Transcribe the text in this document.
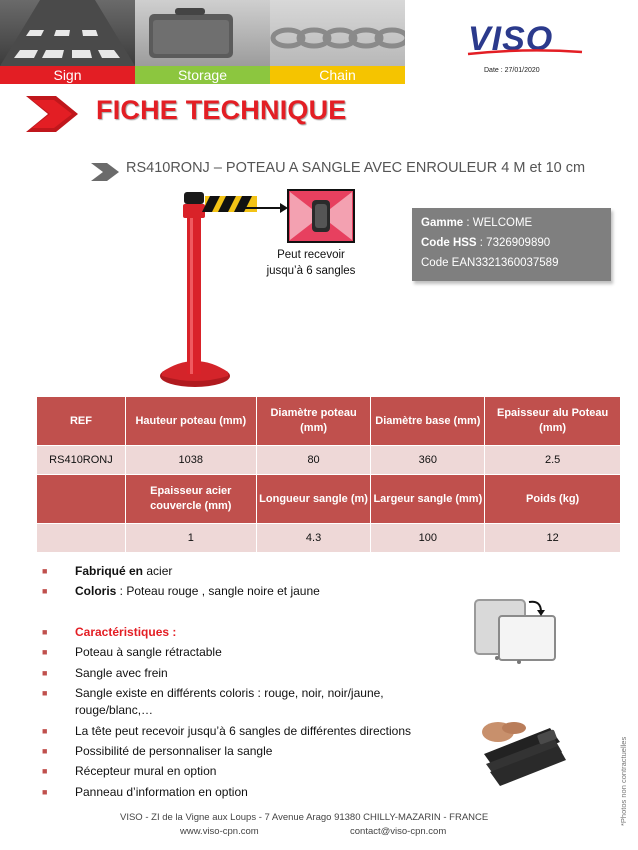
Sign	Storage	Chain
VISO
Date : 27/01/2020
FICHE TECHNIQUE
RS410RONJ – POTEAU A SANGLE AVEC ENROULEUR 4 M et 10 cm
Peut recevoir
jusqu’à 6 sangles
Gamme : WELCOME
Code HSS : 7326909890
Code EAN3321360037589
REF	Hauteur poteau (mm)	Diamètre poteau (mm)	Diamètre base (mm)	Epaisseur alu Poteau (mm)
RS410RONJ	1038	80	360	2.5
	Epaisseur acier couvercle (mm)	Longueur sangle (m)	Largeur sangle (mm)	Poids (kg)
	1	4.3	100	12
■ Fabriqué en acier
■ Coloris : Poteau rouge , sangle noire et jaune
■ Caractéristiques :
■ Poteau à sangle rétractable
■ Sangle avec frein
■ Sangle existe en différents coloris : rouge, noir, noir/jaune, rouge/blanc,…
■ La tête peut recevoir jusqu’à 6 sangles de différentes directions
■ Possibilité de personnaliser la sangle
■ Récepteur mural en option
■ Panneau d’information en option	*Photos non contractuelles
VISO - ZI de la Vigne aux Loups - 7 Avenue Arago 91380 CHILLY-MAZARIN - FRANCE
www.viso-cpn.com	contact@viso-cpn.com
